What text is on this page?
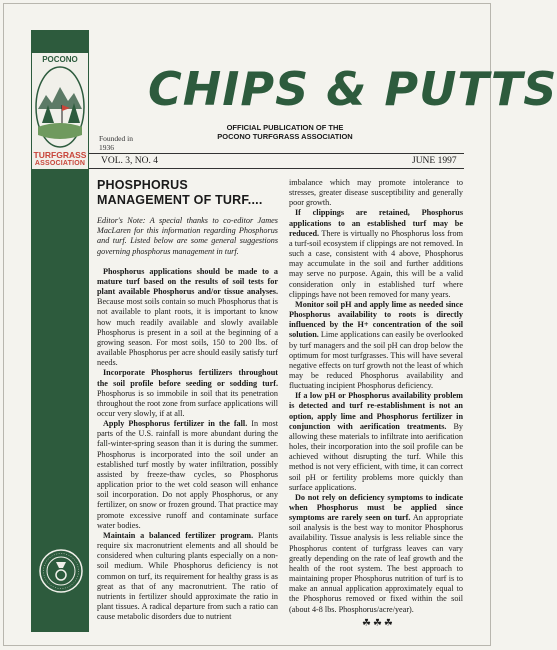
POCONO
TURFGRASS
ASSOCIATION
CHIPS & PUTTS
OFFICIAL PUBLICATION OF THE
POCONO TURFGRASS ASSOCIATION
Founded in
1936
VOL. 3, NO. 4	JUNE 1997
PHOSPHORUS MANAGEMENT OF TURF....

Editor's Note: A special thanks to co-editor James MacLaren for this information regarding Phosphorus and turf. Listed below are some general suggestions governing phosphorus management in turf.

Phosphorus applications should be made to a mature turf based on the results of soil tests for plant available Phosphorus and/or tissue analyses. Because most soils contain so much Phosphorus that is not available to plant roots, it is important to know how much readily available and slowly available Phosphorus is present in a soil at the beginning of a growing season. For most soils, 150 to 200 lbs. of available Phosphorus per acre should easily satisfy turf needs.

Incorporate Phosphorus fertilizers throughout the soil profile before seeding or sodding turf. Phosphorus is so immobile in soil that its penetration throughout the root zone from surface applications will occur very slowly, if at all.

Apply Phosphorus fertilizer in the fall. In most parts of the U.S. rainfall is more abundant during the fall-winter-spring season than it is during the summer. Phosphorus is incorporated into the soil under an established turf mostly by water infiltration, possibly assisted by freeze-thaw cycles, so Phosphorus application prior to the wet cold season will enhance soil incorporation. Do not apply Phosphorus, or any fertilizer, on snow or frozen ground. That practice may promote excessive runoff and contaminate surface water bodies.

Maintain a balanced fertilizer program. Plants require six macronutrient elements and all should be considered when culturing plants especially on a non-soil medium. While Phosphorus deficiency is not common on turf, its requirement for healthy grass is as great as that of any macronutrient. The ratio of nutrients in fertilizer should approximate the ratio in plant tissues. A radical departure from such a ratio can cause metabolic disorders due to nutrient

imbalance which may promote intolerance to stresses, greater disease susceptibility and generally poor growth.

If clippings are retained, Phosphorus applications to an established turf may be reduced. There is virtually no Phosphorus loss from a turf-soil ecosystem if clippings are not removed. In such a case, consistent with 4 above, Phosphorus may accumulate in the soil and further additions may serve no purpose. Again, this will be a valid consideration only in established turf where clippings have not been removed for many years.

Monitor soil pH and apply lime as needed since Phosphorus availability to roots is directly influenced by the H+ concentration of the soil solution. Lime applications can easily be overlooked by turf managers and the soil pH can drop below the optimum for most turfgrasses. This will have several negative effects on turf growth not the least of which may be reduced Phosphorus availability and fluctuating incipient Phosphorus deficiency.

If a low pH or Phosphorus availability problem is detected and turf re-establishment is not an option, apply lime and Phosphorus fertilizer in conjunction with aerification treatments. By allowing these materials to infiltrate into aerification holes, their incorporation into the soil profile can be achieved without disrupting the turf. While this method is not very efficient, with time, it can correct soil pH or fertility problems more quickly than surface applications.

Do not rely on deficiency symptoms to indicate when Phosphorus must be applied since symptoms are rarely seen on turf. An appropriate soil analysis is the best way to monitor Phosphorus availability. Tissue analysis is less reliable since the Phosphorus content of turfgrass leaves can vary greatly depending on the rate of leaf growth and the health of the root system. The best approach to maintaining proper Phosphorus nutrition of turf is to make an annual application approximately equal to the Phosphorus removed or fixed within the soil (about 4-8 lbs. Phosphorus/acre/year).

☘☘☘
